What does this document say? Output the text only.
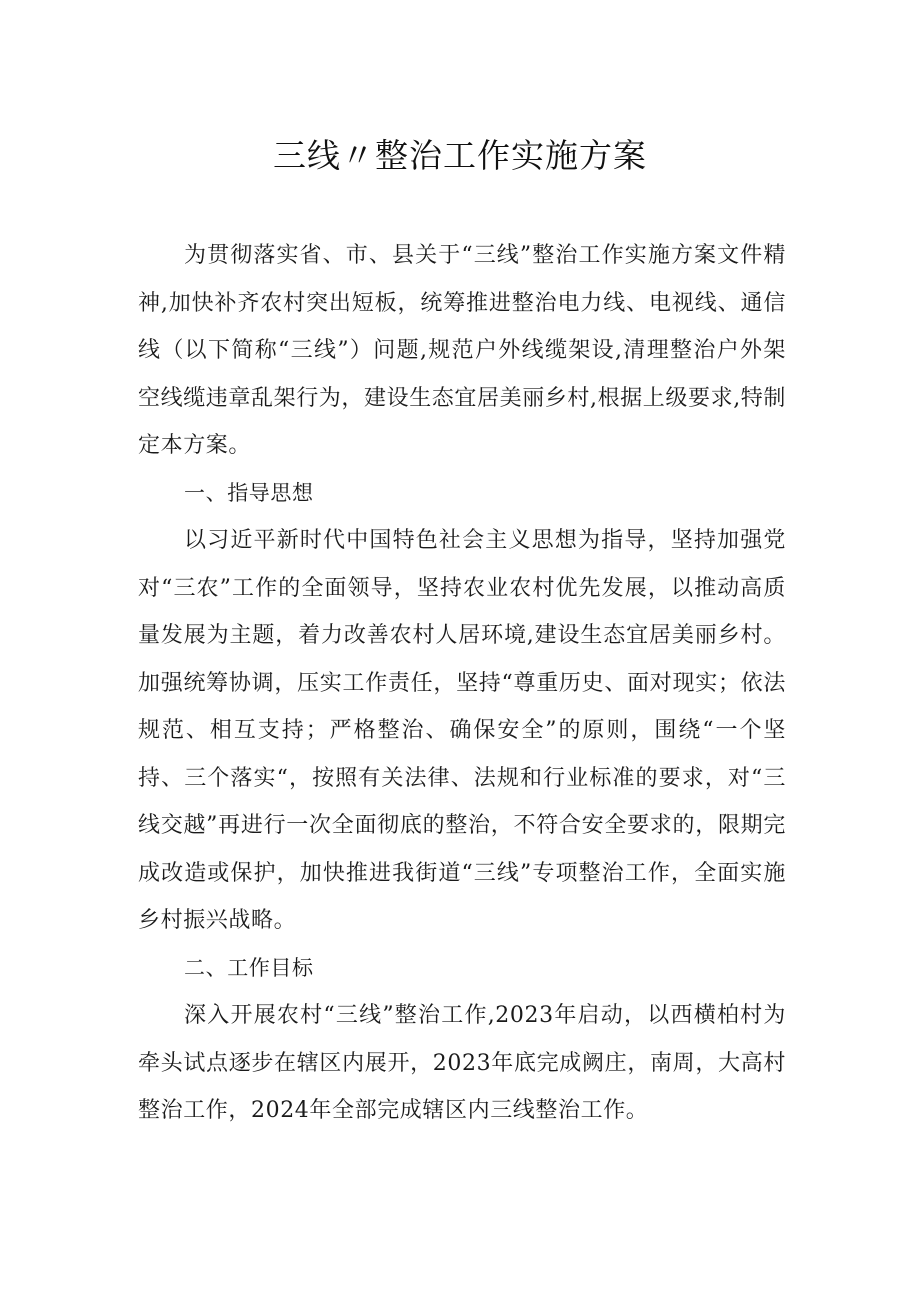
三线〃整治工作实施方案

为贯彻落实省、市、县关于“三线”整治工作实施方案文件精神,加快补齐农村突出短板，统筹推进整治电力线、电视线、通信线（以下简称“三线”）问题,规范户外线缆架设,清理整治户外架空线缆违章乱架行为，建设生态宜居美丽乡村,根据上级要求,特制定本方案。

一、指导思想

以习近平新时代中国特色社会主义思想为指导，坚持加强党对“三农”工作的全面领导，坚持农业农村优先发展，以推动高质量发展为主题，着力改善农村人居环境,建设生态宜居美丽乡村。加强统筹协调，压实工作责任，坚持“尊重历史、面对现实；依法规范、相互支持；严格整治、确保安全”的原则，围绕“一个坚持、三个落实“，按照有关法律、法规和行业标准的要求，对“三线交越”再进行一次全面彻底的整治，不符合安全要求的，限期完成改造或保护，加快推进我街道“三线”专项整治工作，全面实施乡村振兴战略。

二、工作目标

深入开展农村“三线”整治工作,2023年启动，以西横柏村为牵头试点逐步在辖区内展开，2023年底完成阙庄，南周，大高村整治工作，2024年全部完成辖区内三线整治工作。
